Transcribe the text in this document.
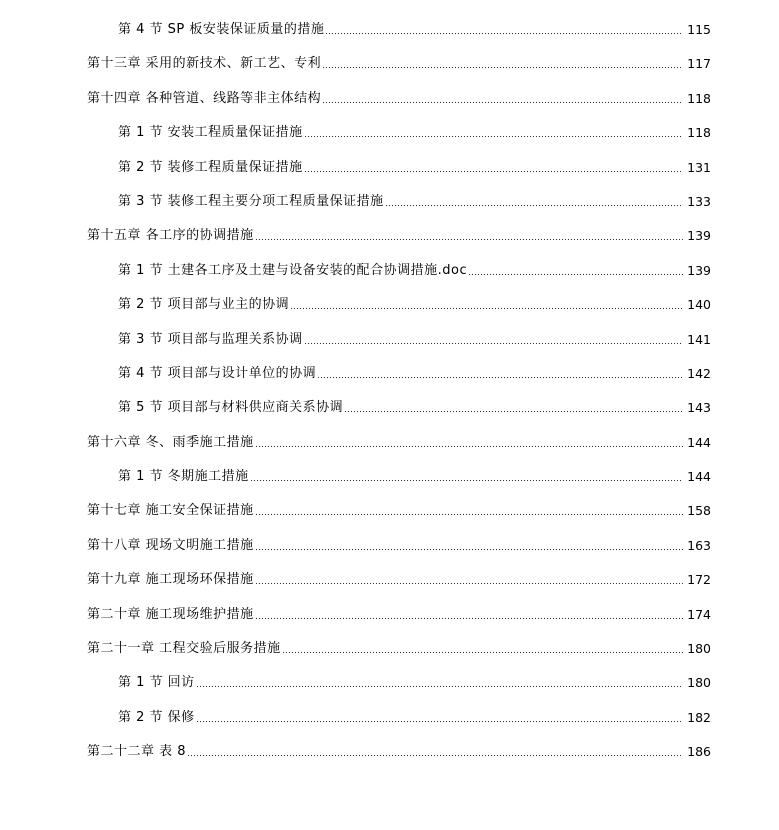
第 4 节 SP 板安装保证质量的措施	115
第十三章 采用的新技术、新工艺、专利	117
第十四章 各种管道、线路等非主体结构	118
第 1 节 安装工程质量保证措施	118
第 2 节 装修工程质量保证措施	131
第 3 节 装修工程主要分项工程质量保证措施	133
第十五章 各工序的协调措施	139
第 1 节 土建各工序及土建与设备安装的配合协调措施.doc	139
第 2 节 项目部与业主的协调	140
第 3 节 项目部与监理关系协调	141
第 4 节 项目部与设计单位的协调	142
第 5 节 项目部与材料供应商关系协调	143
第十六章 冬、雨季施工措施	144
第 1 节 冬期施工措施	144
第十七章 施工安全保证措施	158
第十八章 现场文明施工措施	163
第十九章 施工现场环保措施	172
第二十章 施工现场维护措施	174
第二十一章 工程交验后服务措施	180
第 1 节 回访	180
第 2 节 保修	182
第二十二章 表 8	186
